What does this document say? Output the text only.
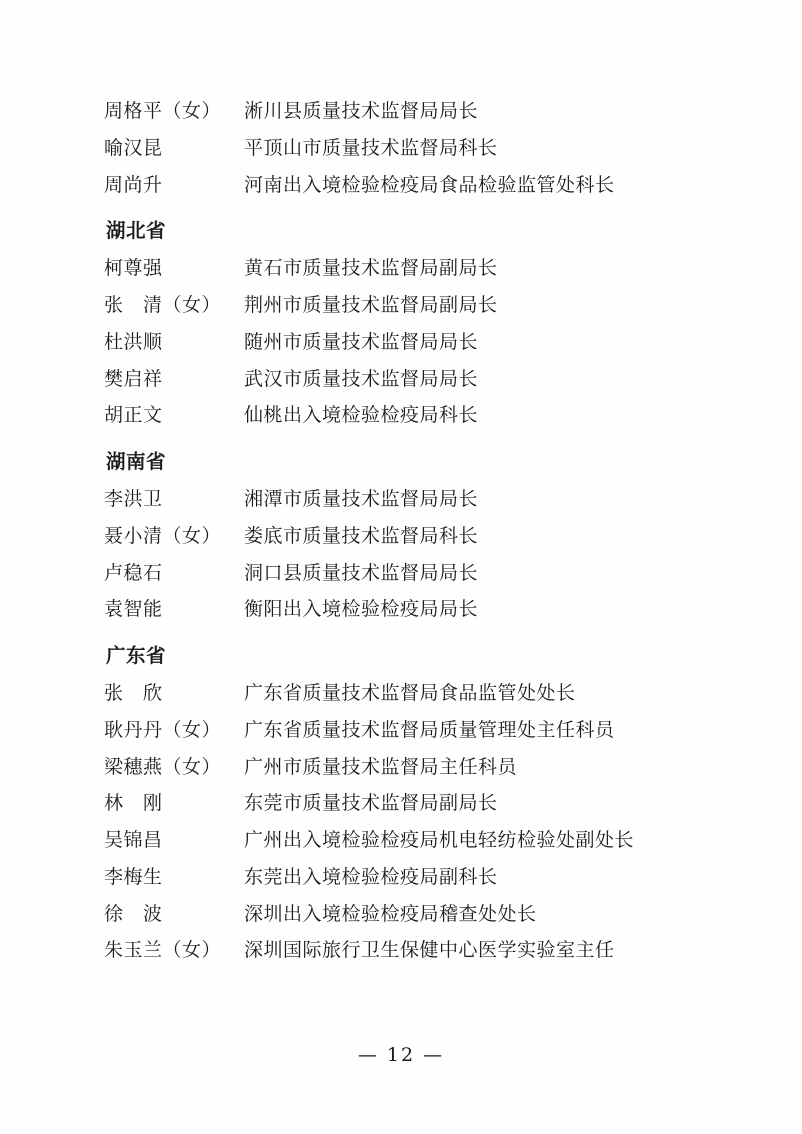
周格平（女）	淅川县质量技术监督局局长
喻汉昆	平顶山市质量技术监督局科长
周尚升	河南出入境检验检疫局食品检验监管处科长
湖北省
柯尊强	黄石市质量技术监督局副局长
张　清（女）	荆州市质量技术监督局副局长
杜洪顺	随州市质量技术监督局局长
樊启祥	武汉市质量技术监督局局长
胡正文	仙桃出入境检验检疫局科长
湖南省
李洪卫	湘潭市质量技术监督局局长
聂小清（女）	娄底市质量技术监督局科长
卢稳石	洞口县质量技术监督局局长
袁智能	衡阳出入境检验检疫局局长
广东省
张　欣	广东省质量技术监督局食品监管处处长
耿丹丹（女）	广东省质量技术监督局质量管理处主任科员
梁穗燕（女）	广州市质量技术监督局主任科员
林　刚	东莞市质量技术监督局副局长
吴锦昌	广州出入境检验检疫局机电轻纺检验处副处长
李梅生	东莞出入境检验检疫局副科长
徐　波	深圳出入境检验检疫局稽查处处长
朱玉兰（女）	深圳国际旅行卫生保健中心医学实验室主任
— 12 —
